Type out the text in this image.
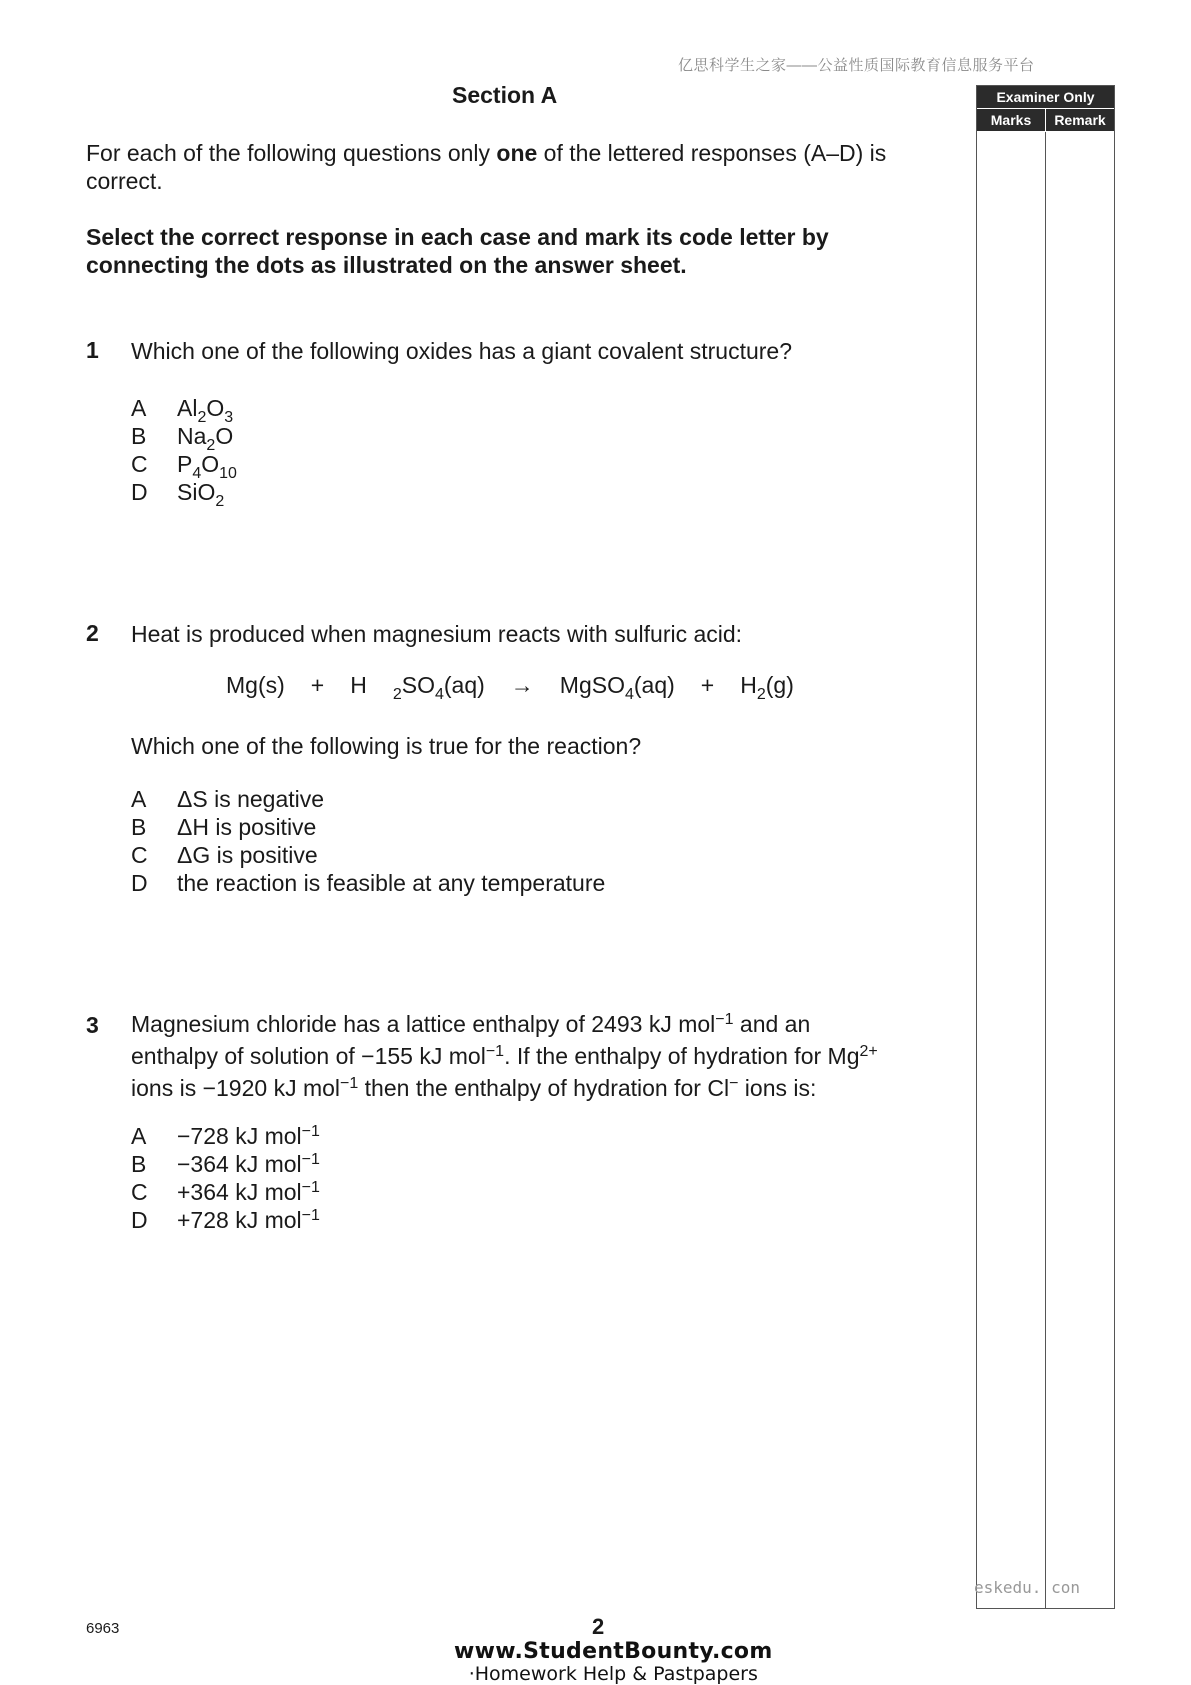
亿思科学生之家——公益性质国际教育信息服务平台
Section A
For each of the following questions only one of the lettered responses (A–D) is correct.
Select the correct response in each case and mark its code letter by connecting the dots as illustrated on the answer sheet.
1 Which one of the following oxides has a giant covalent structure?
A	$Al_2O_3$
B	$Na_2O$
C	$P_4O_{10}$
D	SiO$_2$
2 Heat is produced when magnesium reacts with sulfuric acid:
Mg(s) + H $_2SO_4(aq)$ → MgSO$_4$(aq) + $H_2(g)$
Which one of the following is true for the reaction?
A	ΔS is negative
B	ΔH is positive
C	ΔG is positive
D	the reaction is feasible at any temperature
3 Magnesium chloride has a lattice enthalpy of 2493 kJ mol$^{-1}$ and an
enthalpy of solution of −155 kJ mol$^{-1}$. If the enthalpy of hydration for $Mg^{2+}$
ions is −1920 kJ mol$^{-1}$ then the enthalpy of hydration for Cl− ions is:
A	−728 kJ mol$^{-1}$
B	−364 kJ mol$^{-1}$
C	+364 kJ mol$^{-1}$
D	+728 kJ mol$^{-1}$
Examiner Only
Marks	Remark
eskedu. con
6963	2
www.StudentBounty.com
·Homework Help & Pastpapers
